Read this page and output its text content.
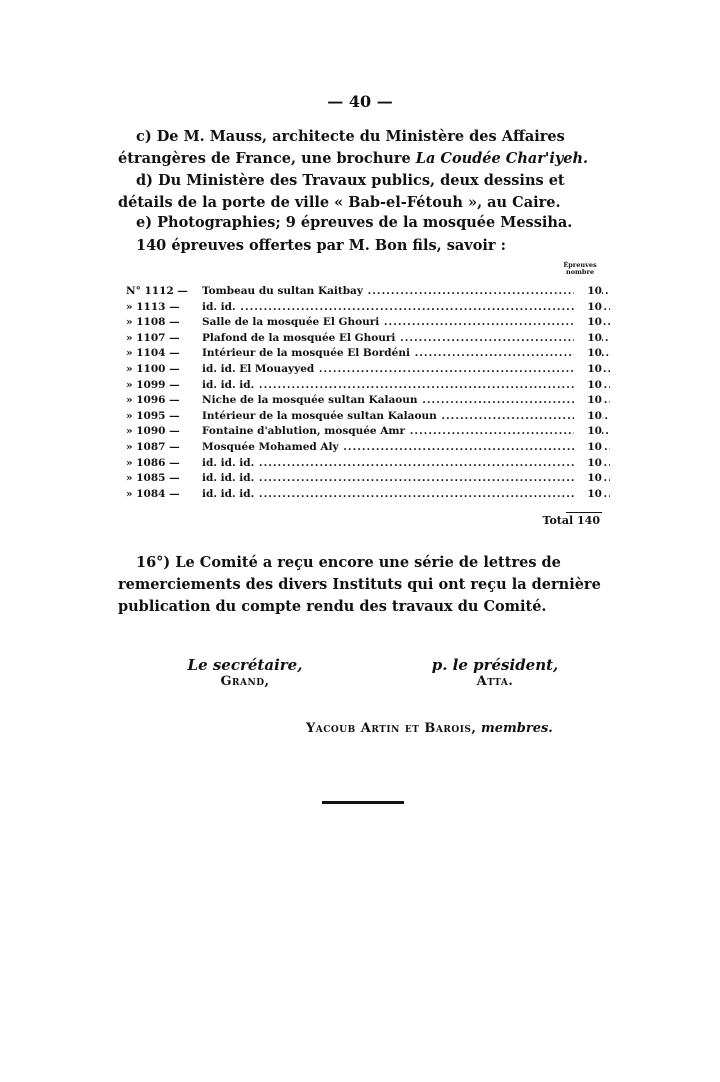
— 40 —
c) De M. Mauss, architecte du Ministère des Affaires étrangères de France, une brochure La Coudée Char'iyeh.
d) Du Ministère des Travaux publics, deux dessins et détails de la porte de ville « Bab-el-Fétouh », au Caire.
e) Photographies; 9 épreuves de la mosquée Messiha.
140 épreuves offertes par M. Bon fils, savoir :
Épreuves nombre
N° 1112 —	Tombeau du sultan Kaitbay .....	10
» 1113 —	id. id. .....	10
» 1108 —	Salle de la mosquée El Ghouri .....	10
» 1107 —	Plafond de la mosquée El Ghouri .....	10
» 1104 —	Intérieur de la mosquée El Bordéni .....	10
» 1100 —	id. id. El Mouayyed .....	10
» 1099 —	id. id. id. .....	10
» 1096 —	Niche de la mosquée sultan Kalaoun .....	10
» 1095 —	Intérieur de la mosquée sultan Kalaoun .....	10
» 1090 —	Fontaine d'ablution, mosquée Amr .....	10
» 1087 —	Mosquée Mohamed Aly .....	10
» 1086 —	id. id. id. .....	10
» 1085 —	id. id. id. .....	10
» 1084 —	id. id. id. .....	10
Total 140
16°) Le Comité a reçu encore une série de lettres de remerciements des divers Instituts qui ont reçu la dernière publication du compte rendu des travaux du Comité.
Le secrétaire,
Grand,
p. le président,
Atta.
Yacoub Artin et Barois, membres.
